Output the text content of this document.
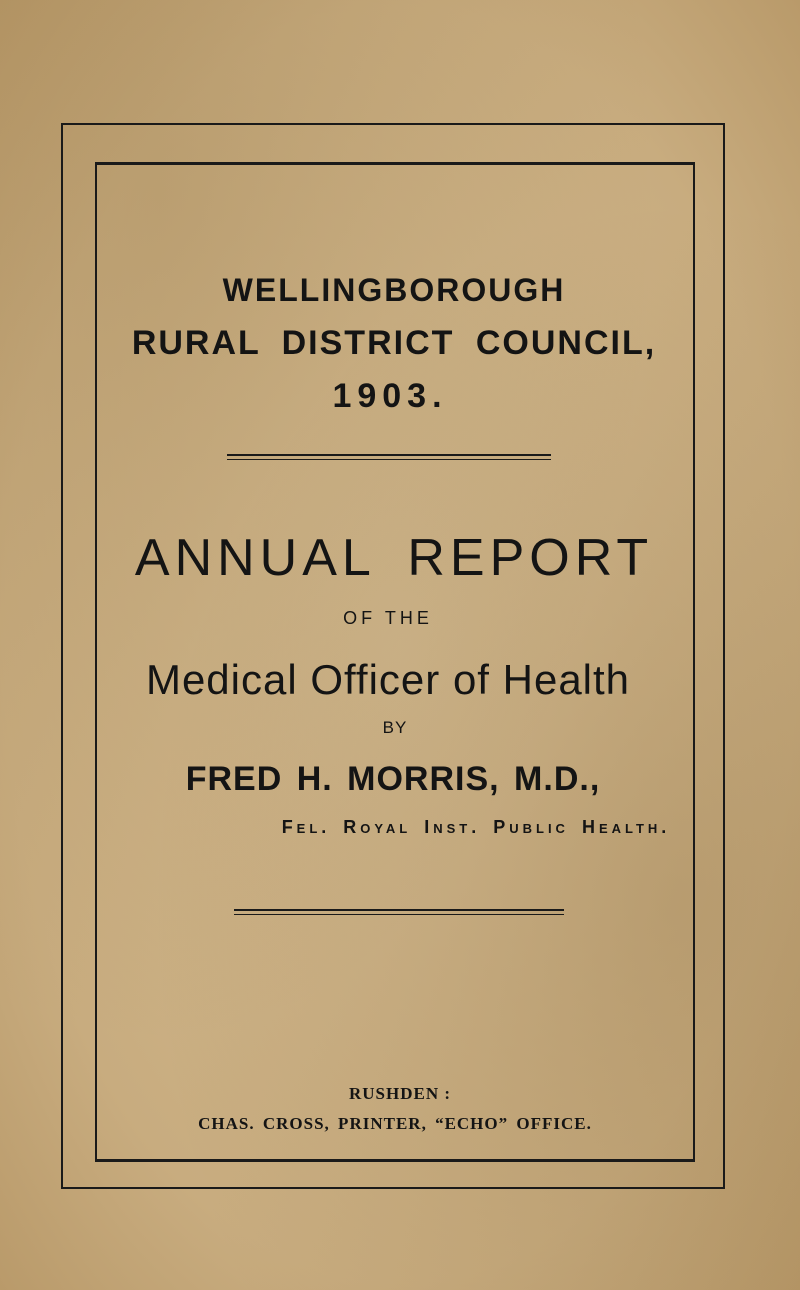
WELLINGBOROUGH
RURAL DISTRICT COUNCIL,
1903.
ANNUAL REPORT
OF THE
Medical Officer of Health
BY
FRED H. MORRIS, M.D.,
Fel. Royal Inst. Public Health.
RUSHDEN :
CHAS. CROSS, PRINTER, “ECHO” OFFICE.
